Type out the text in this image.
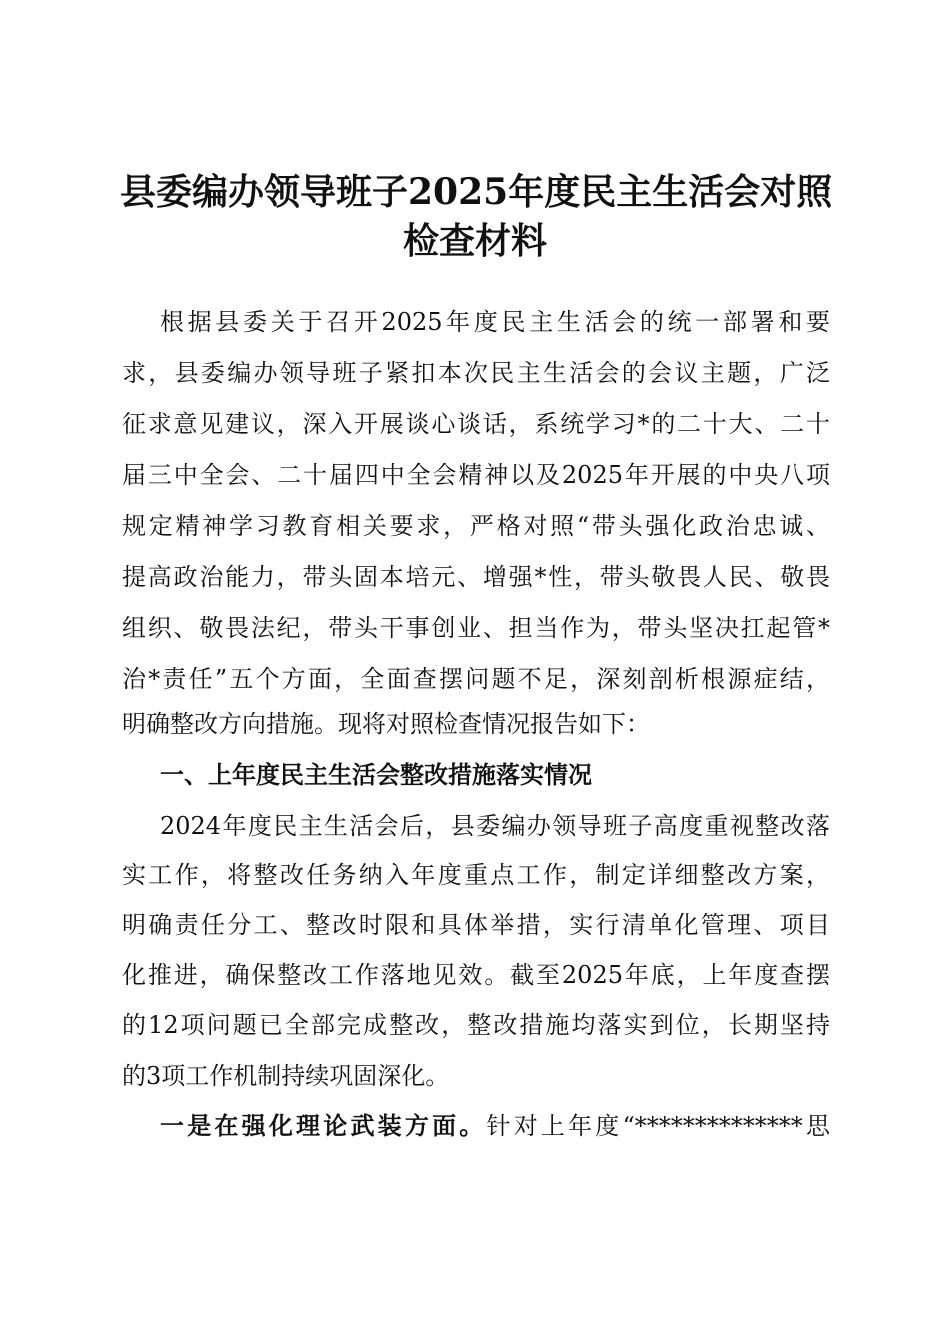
县委编办领导班子2025年度民主生活会对照
检查材料
根据县委关于召开2025年度民主生活会的统一部署和要
求，县委编办领导班子紧扣本次民主生活会的会议主题，广泛
征求意见建议，深入开展谈心谈话，系统学习*的二十大、二十
届三中全会、二十届四中全会精神以及2025年开展的中央八项
规定精神学习教育相关要求，严格对照“带头强化政治忠诚、
提高政治能力，带头固本培元、增强*性，带头敬畏人民、敬畏
组织、敬畏法纪，带头干事创业、担当作为，带头坚决扛起管*
治*责任”五个方面，全面查摆问题不足，深刻剖析根源症结，
明确整改方向措施。现将对照检查情况报告如下：
一、上年度民主生活会整改措施落实情况
2024年度民主生活会后，县委编办领导班子高度重视整改落
实工作，将整改任务纳入年度重点工作，制定详细整改方案，
明确责任分工、整改时限和具体举措，实行清单化管理、项目
化推进，确保整改工作落地见效。截至2025年底，上年度查摆
的12项问题已全部完成整改，整改措施均落实到位，长期坚持
的3项工作机制持续巩固深化。
一是在强化理论武装方面。针对上年度“**************思
